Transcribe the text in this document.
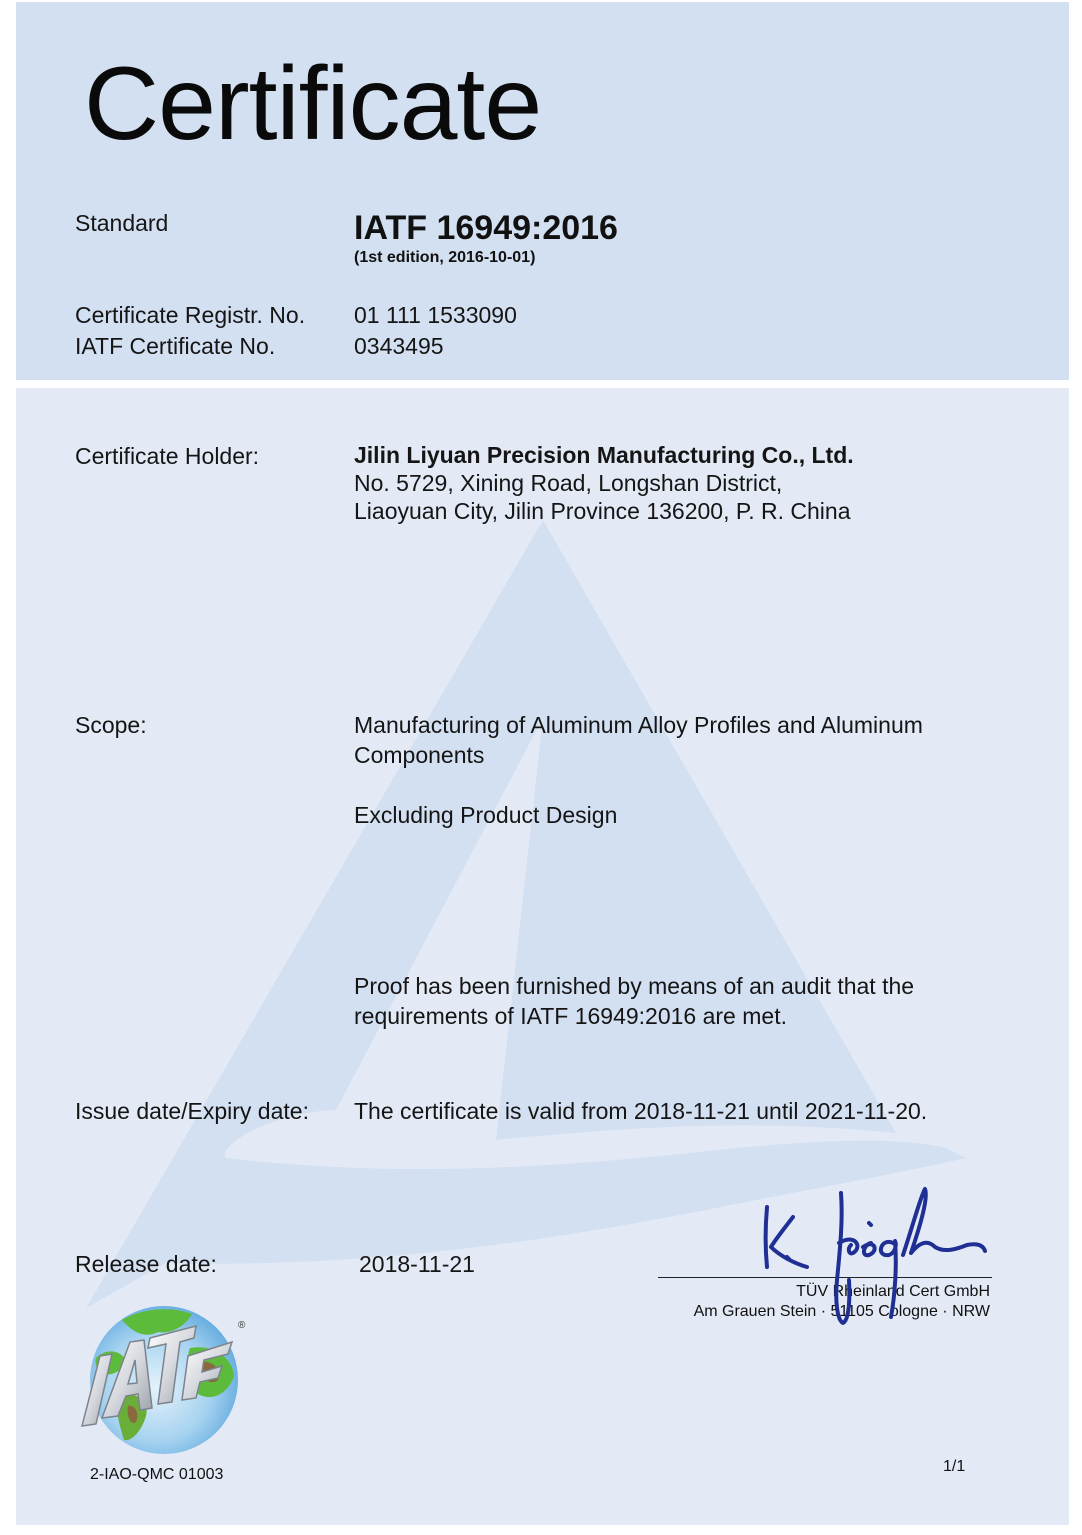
Certificate
Standard	IATF 16949:2016
(1st edition, 2016-10-01)
Certificate Registr. No. 01 111 1533090
IATF Certificate No.	0343495
Certificate Holder:	Jilin Liyuan Precision Manufacturing Co., Ltd.
No. 5729, Xining Road, Longshan District,
Liaoyuan City, Jilin Province 136200, P. R. China
Scope:	Manufacturing of Aluminum Alloy Profiles and Aluminum
Components
Excluding Product Design
Proof has been furnished by means of an audit that the
requirements of IATF 16949:2016 are met.
Issue date/Expiry date: The certificate is valid from 2018-11-21 until 2021-11-20.
Release date:	2018-11-21
TÜV Rheinland Cert GmbH
Am Grauen Stein · 51105 Cologne · NRW
®
2-IAO-QMC 01003	1/1
